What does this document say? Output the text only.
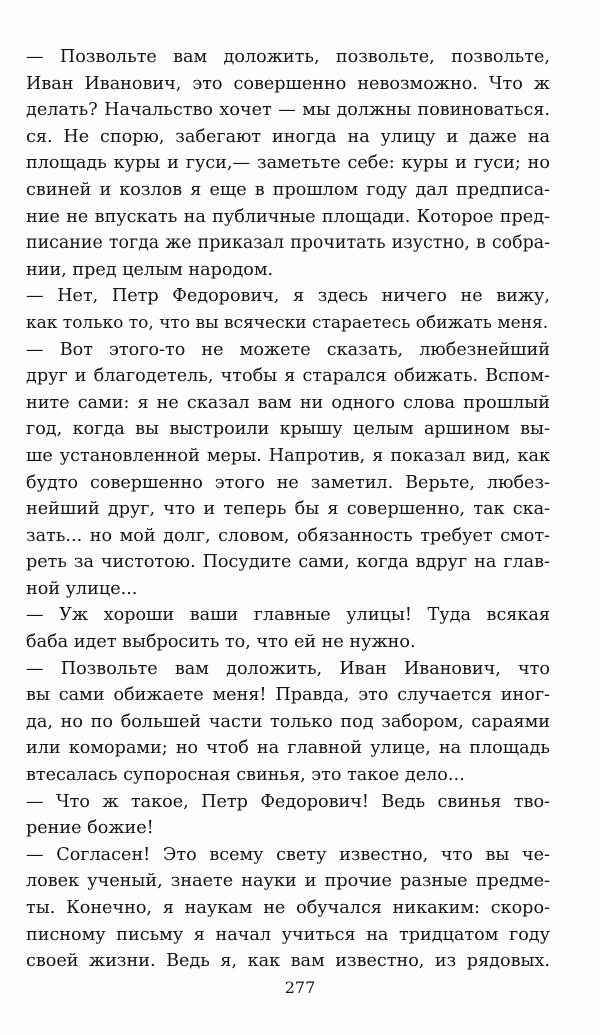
— Позвольте вам доложить, позвольте, позвольте,
Иван Иванович, это совершенно невозможно. Что ж
делать? Начальство хочет — мы должны повиноваться.
ся. Не спорю, забегают иногда на улицу и даже на
площадь куры и гуси,— заметьте себе: куры и гуси; но
свиней и козлов я еще в прошлом году дал предписа-
ние не впускать на публичные площади. Которое пред-
писание тогда же приказал прочитать изустно, в собра-
нии, пред целым народом.
— Нет, Петр Федорович, я здесь ничего не вижу,
как только то, что вы всячески стараетесь обижать меня.
— Вот этого-то не можете сказать, любезнейший
друг и благодетель, чтобы я старался обижать. Вспом-
ните сами: я не сказал вам ни одного слова прошлый
год, когда вы выстроили крышу целым аршином вы-
ше установленной меры. Напротив, я показал вид, как
будто совершенно этого не заметил. Верьте, любез-
нейший друг, что и теперь бы я совершенно, так ска-
зать... но мой долг, словом, обязанность требует смот-
реть за чистотою. Посудите сами, когда вдруг на глав-
ной улице...
— Уж хороши ваши главные улицы! Туда всякая
баба идет выбросить то, что ей не нужно.
— Позвольте вам доложить, Иван Иванович, что
вы сами обижаете меня! Правда, это случается иног-
да, но по большей части только под забором, сараями
или коморами; но чтоб на главной улице, на площадь
втесалась супоросная свинья, это такое дело...
— Что ж такое, Петр Федорович! Ведь свинья тво-
рение божие!
— Согласен! Это всему свету известно, что вы че-
ловек ученый, знаете науки и прочие разные предме-
ты. Конечно, я наукам не обучался никаким: скоро-
писному письму я начал учиться на тридцатом году
своей жизни. Ведь я, как вам известно, из рядовых.
277
